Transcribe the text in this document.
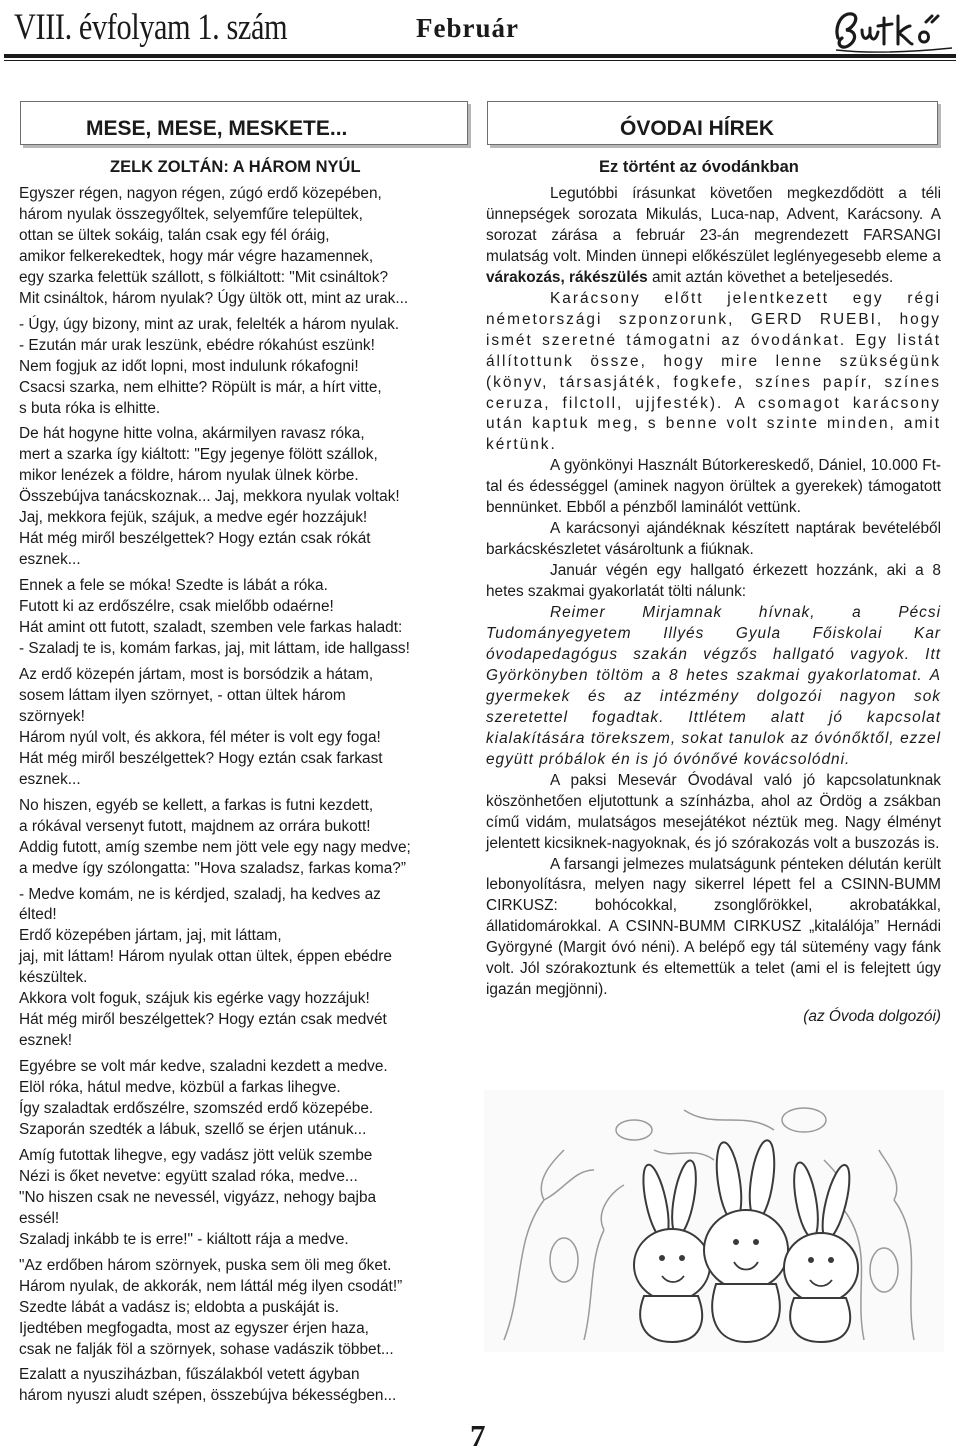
VIII. évfolyam 1. szám	Február
MESE, MESE, MESKETE...
ZELK ZOLTÁN: A HÁROM NYÚL

Egyszer régen, nagyon régen, zúgó erdő közepében,

három nyulak összegyőltek, selyemfűre települtek,

ottan se ültek sokáig, talán csak egy fél óráig,

amikor felkerekedtek, hogy már végre hazamennek,

egy szarka felettük szállott, s fölkiáltott: "Mit csináltok?

Mit csináltok, három nyulak? Úgy ültök ott, mint az urak...

- Úgy, úgy bizony, mint az urak, felelték a három nyulak.

- Ezután már urak leszünk, ebédre rókahúst eszünk!

Nem fogjuk az időt lopni, most indulunk rókafogni!

Csacsi szarka, nem elhitte? Röpült is már, a hírt vitte,

s buta róka is elhitte.

De hát hogyne hitte volna, akármilyen ravasz róka,

mert a szarka így kiáltott: "Egy jegenye fölött szállok,

mikor lenézek a földre, három nyulak ülnek körbe.

Összebújva tanácskoznak... Jaj, mekkora nyulak voltak!

Jaj, mekkora fejük, szájuk, a medve egér hozzájuk!

Hát még miről beszélgettek? Hogy eztán csak rókát

esznek...

Ennek a fele se móka! Szedte is lábát a róka.

Futott ki az erdőszélre, csak mielőbb odaérne!

Hát amint ott futott, szaladt, szemben vele farkas haladt:

- Szaladj te is, komám farkas, jaj, mit láttam, ide hallgass!

Az erdő közepén jártam, most is borsódzik a hátam,

sosem láttam ilyen szörnyet, - ottan ültek három

szörnyek!

Három nyúl volt, és akkora, fél méter is volt egy foga!

Hát még miről beszélgettek? Hogy eztán csak farkast

esznek...

No hiszen, egyéb se kellett, a farkas is futni kezdett,

a rókával versenyt futott, majdnem az orrára bukott!

Addig futott, amíg szembe nem jött vele egy nagy medve;

a medve így szólongatta: "Hova szaladsz, farkas koma?”

- Medve komám, ne is kérdjed, szaladj, ha kedves az

élted!

Erdő közepében jártam, jaj, mit láttam,

jaj, mit láttam! Három nyulak ottan ültek, éppen ebédre

készültek.

Akkora volt foguk, szájuk kis egérke vagy hozzájuk!

Hát még miről beszélgettek? Hogy eztán csak medvét

esznek!

Egyébre se volt már kedve, szaladni kezdett a medve.

Elöl róka, hátul medve, közbül a farkas lihegve.

Így szaladtak erdőszélre, szomszéd erdő közepébe.

Szaporán szedték a lábuk, szellő se érjen utánuk...

Amíg futottak lihegve, egy vadász jött velük szembe

Nézi is őket nevetve: együtt szalad róka, medve...

"No hiszen csak ne nevessél, vigyázz, nehogy bajba

essél!

Szaladj inkább te is erre!" - kiáltott rája a medve.

"Az erdőben három szörnyek, puska sem öli meg őket.

Három nyulak, de akkorák, nem láttál még ilyen csodát!”

Szedte lábát a vadász is; eldobta a puskáját is.

Ijedtében megfogadta, most az egyszer érjen haza,

csak ne falják föl a szörnyek, sohase vadászik többet...

Ezalatt a nyusziházban, fűszálakból vetett ágyban

három nyuszi aludt szépen, összebújva békességben...

ÓVODAI HÍREK
Ez történt az óvodánkban

Legutóbbi írásunkat követően megkezdődött a téli ünnepségek sorozata Mikulás, Luca-nap, Advent, Karácsony. A sorozat zárása a február 23-án megrendezett FARSANGI mulatság volt. Minden ünnepi előkészület leglényegesebb eleme a várakozás, rákészülés amit aztán követhet a beteljesedés.

Karácsony előtt jelentkezett egy régi németországi szponzorunk, GERD RUEBI, hogy ismét szeretné támogatni az óvodánkat. Egy listát állítottunk össze, hogy mire lenne szükségünk (könyv, társasjáték, fogkefe, színes papír, színes ceruza, filctoll, ujjfesték). A csomagot karácsony után kaptuk meg, s benne volt szinte minden, amit kértünk.

A gyönkönyi Használt Bútorkereskedő, Dániel, 10.000 Ft-tal és édességgel (aminek nagyon örültek a gyerekek) támogatott bennünket. Ebből a pénzből laminálót vettünk.

A karácsonyi ajándéknak készített naptárak bevételéből barkácskészletet vásároltunk a fiúknak.

Január végén egy hallgató érkezett hozzánk, aki a 8 hetes szakmai gyakorlatát tölti nálunk:

Reimer Mirjamnak hívnak, a Pécsi Tudományegyetem Illyés Gyula Főiskolai Kar óvodapedagógus szakán végzős hallgató vagyok. Itt Györkönyben töltöm a 8 hetes szakmai gyakorlatomat. A gyermekek és az intézmény dolgozói nagyon sok szeretettel fogadtak. Ittlétem alatt jó kapcsolat kialakítására törekszem, sokat tanulok az óvónőktől, ezzel együtt próbálok én is jó óvónővé kovácsolódni.

A paksi Mesevár Óvodával való jó kapcsolatunknak köszönhetően eljutottunk a színházba, ahol az Ördög a zsákban című vidám, mulatságos mesejátékot néztük meg. Nagy élményt jelentett kicsiknek-nagyoknak, és jó szórakozás volt a buszozás is.

A farsangi jelmezes mulatságunk pénteken délután került lebonyolításra, melyen nagy sikerrel lépett fel a CSINN-BUMM CIRKUSZ: bohócokkal, zsonglőrökkel, akrobatákkal, állatidomárokkal. A CSINN-BUMM CIRKUSZ „kitalálója” Hernádi Györgyné (Margit óvó néni). A belépő egy tál sütemény vagy fánk volt. Jól szórakoztunk és eltemettük a telet (ami el is felejtett úgy igazán megjönni).

(az Óvoda dolgozói)

7
